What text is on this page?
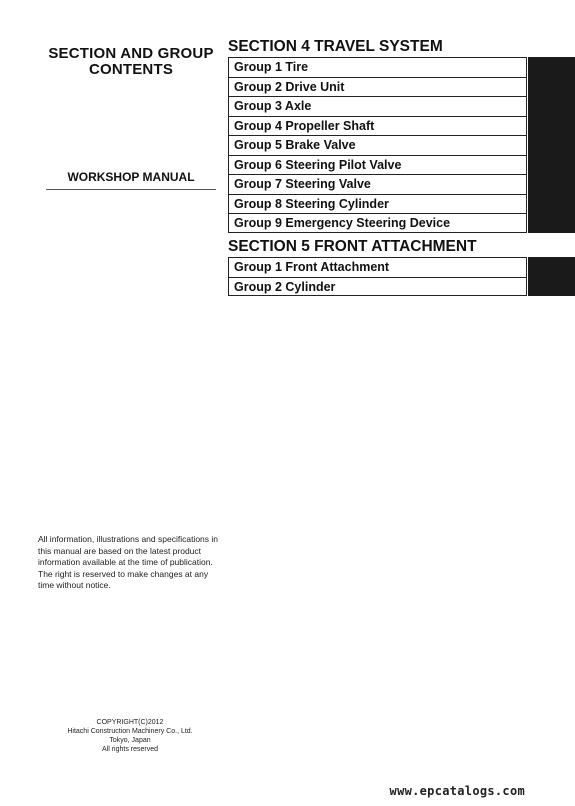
SECTION AND GROUP
CONTENTS
WORKSHOP MANUAL
SECTION 4 TRAVEL SYSTEM
Group 1 Tire
Group 2 Drive Unit
Group 3 Axle
Group 4 Propeller Shaft
Group 5 Brake Valve
Group 6 Steering Pilot Valve
Group 7 Steering Valve
Group 8 Steering Cylinder
Group 9 Emergency Steering Device
SECTION 5 FRONT ATTACHMENT
Group 1 Front Attachment
Group 2 Cylinder
All information, illustrations and specifications in this manual are based on the latest product information available at the time of publication. The right is reserved to make changes at any time without notice.
COPYRIGHT(C)2012
Hitachi Construction Machinery Co., Ltd.
Tokyo, Japan
All rights reserved
www.epcatalogs.com
